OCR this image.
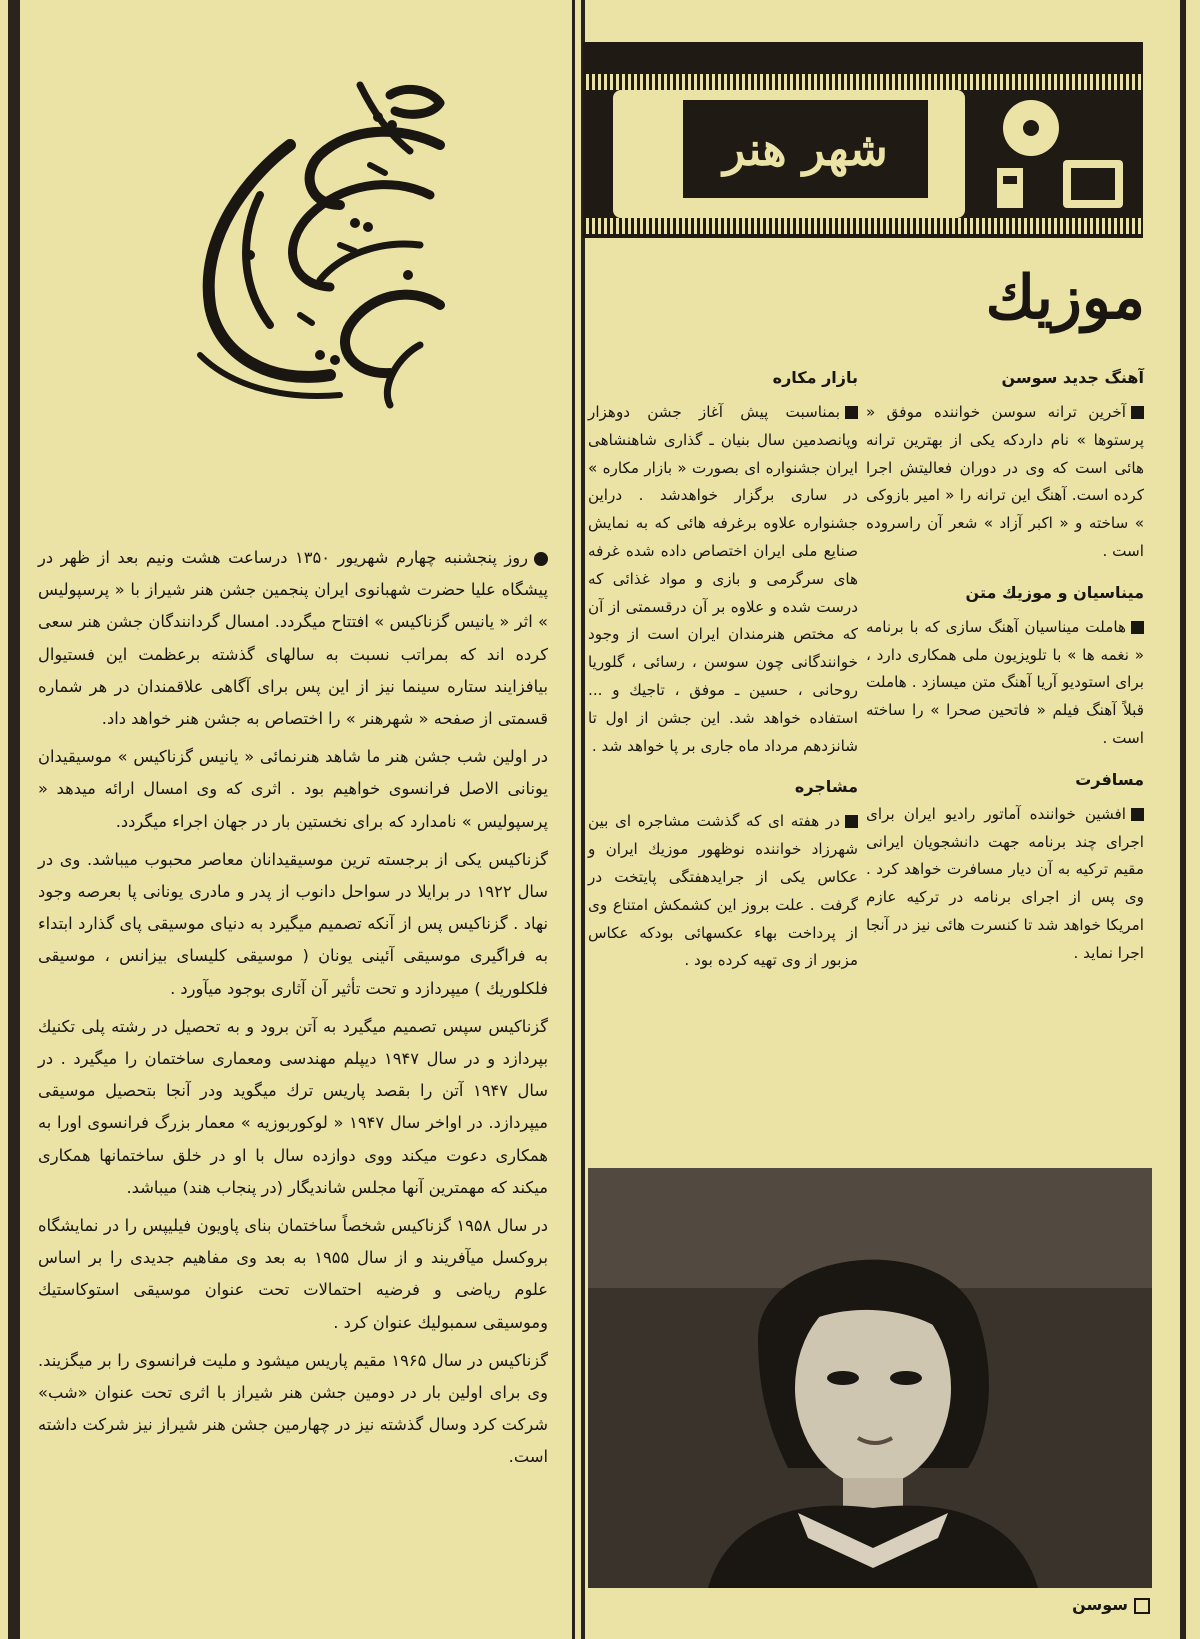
روز پنجشنبه چهارم شهریور ۱۳۵۰ درساعت هشت ونیم بعد از ظهر در پیشگاه علیا حضرت شهبانوی ایران پنجمین جشن هنر شیراز با « پرسپولیس » اثر « یانیس گزناکیس » افتتاح میگردد. امسال گردانندگان جشن هنر سعی کرده اند که بمراتب نسبت به سالهای گذشته برعظمت این فستیوال بیافزایند ستاره سینما نیز از این پس برای آگاهی علاقمندان در هر شماره قسمتی از صفحه « شهرهنر » را اختصاص به جشن هنر خواهد داد.

در اولین شب جشن هنر ما شاهد هنرنمائی « یانیس گزناکیس » موسیقیدان یونانی الاصل فرانسوی خواهیم بود . اثری که وی امسال ارائه میدهد « پرسپولیس » نامدارد که برای نخستین بار در جهان اجراء میگردد.

گزناکیس یکی از برجسته ترین موسیقیدانان معاصر محبوب میباشد. وی در سال ۱۹۲۲ در برایلا در سواحل دانوب از پدر و مادری یونانی پا بعرصه وجود نهاد . گزناکیس پس از آنکه تصمیم میگیرد به دنیای موسیقی پای گذارد ابتداء به فراگیری موسیقی آئینی یونان ( موسیقی کلیسای بیزانس ، موسیقی فلکلوریك ) میپردازد و تحت تأثیر آن آثاری بوجود میآورد .

گزناکیس سپس تصمیم میگیرد به آتن برود و به تحصیل در رشته پلی تکنیك بپردازد و در سال ۱۹۴۷ دیپلم مهندسی ومعماری ساختمان را میگیرد . در سال ۱۹۴۷ آتن را بقصد پاریس ترك میگوید ودر آنجا بتحصیل موسیقی میپردازد. در اواخر سال ۱۹۴۷ « لوكوربوزیه » معمار بزرگ فرانسوی اورا به همكاری دعوت میكند ووی دوازده سال با او در خلق ساختمانها همكاری میكند كه مهمترین آنها مجلس شاندیگار (در پنجاب هند) میباشد.

در سال ۱۹۵۸ گزناكیس شخصاً ساختمان بنای پاویون فیلیپس را در نمایشگاه بروكسل میآفریند و از سال ۱۹۵۵ به بعد وی مفاهیم جدیدی را بر اساس علوم ریاضی و فرضیه احتمالات تحت عنوان موسیقی استوكاستیك وموسیقی سمبولیك عنوان كرد .

گزناكیس در سال ۱۹۶۵ مقیم پاریس میشود و ملیت فرانسوی را بر میگزیند. وی برای اولین بار در دومین جشن هنر شیراز با اثری تحت عنوان «شب» شركت كرد وسال گذشته نیز در چهارمین جشن هنر شیراز نیز شركت داشته است.

شهر هنر
موزیك
آهنگ جدید سوسن

آخرین ترانه سوسن خواننده موفق « پرستوها » نام داردكه یكی از بهترین ترانه هائی است كه وی در دوران فعالیتش اجرا كرده است. آهنگ این ترانه را « امیر بازوكی » ساخته و « اكبر آزاد » شعر آن راسروده است .

میناسیان و موزیك متن

هاملت میناسیان آهنگ سازی كه با برنامه « نغمه ها » با تلویزیون ملی همكاری دارد ، برای استودیو آریا آهنگ متن میسازد . هاملت قبلاً آهنگ فیلم « فاتحین صحرا » را ساخته است .

مسافرت

افشین خواننده آماتور رادیو ایران برای اجرای چند برنامه جهت دانشجویان ایرانی مقیم تركیه به آن دیار مسافرت خواهد كرد . وی پس از اجرای برنامه در تركیه عازم امریكا خواهد شد تا كنسرت هائی نیز در آنجا اجرا نماید .

بازار مكاره

بمناسبت پیش آغاز جشن دوهزار وپانصدمین سال بنیان ـ گذاری شاهنشاهی ایران جشنواره ای بصورت « بازار مكاره » در ساری برگزار خواهدشد . دراین جشنواره علاوه برغرفه هائی كه به نمایش صنایع ملی ایران اختصاص داده شده غرفه های سرگرمی و بازی و مواد غذائی كه درست شده و علاوه بر آن درقسمتی از آن كه مختص هنرمندان ایران است از وجود خوانندگانی چون سوسن ، رسائی ، گلوریا روحانی ، حسین ـ موفق ، تاجیك و ... استفاده خواهد شد. این جشن از اول تا شانزدهم مرداد ماه جاری بر پا خواهد شد .

مشاجره

در هفته ای كه گذشت مشاجره ای بین شهرزاد خواننده نوظهور موزیك ایران و عكاس یكی از جرایدهفتگی پایتخت در گرفت . علت بروز این كشمكش امتناع وی از پرداخت بهاء عكسهائی بودكه عكاس مزبور از وی تهیه كرده بود .

سوسن
